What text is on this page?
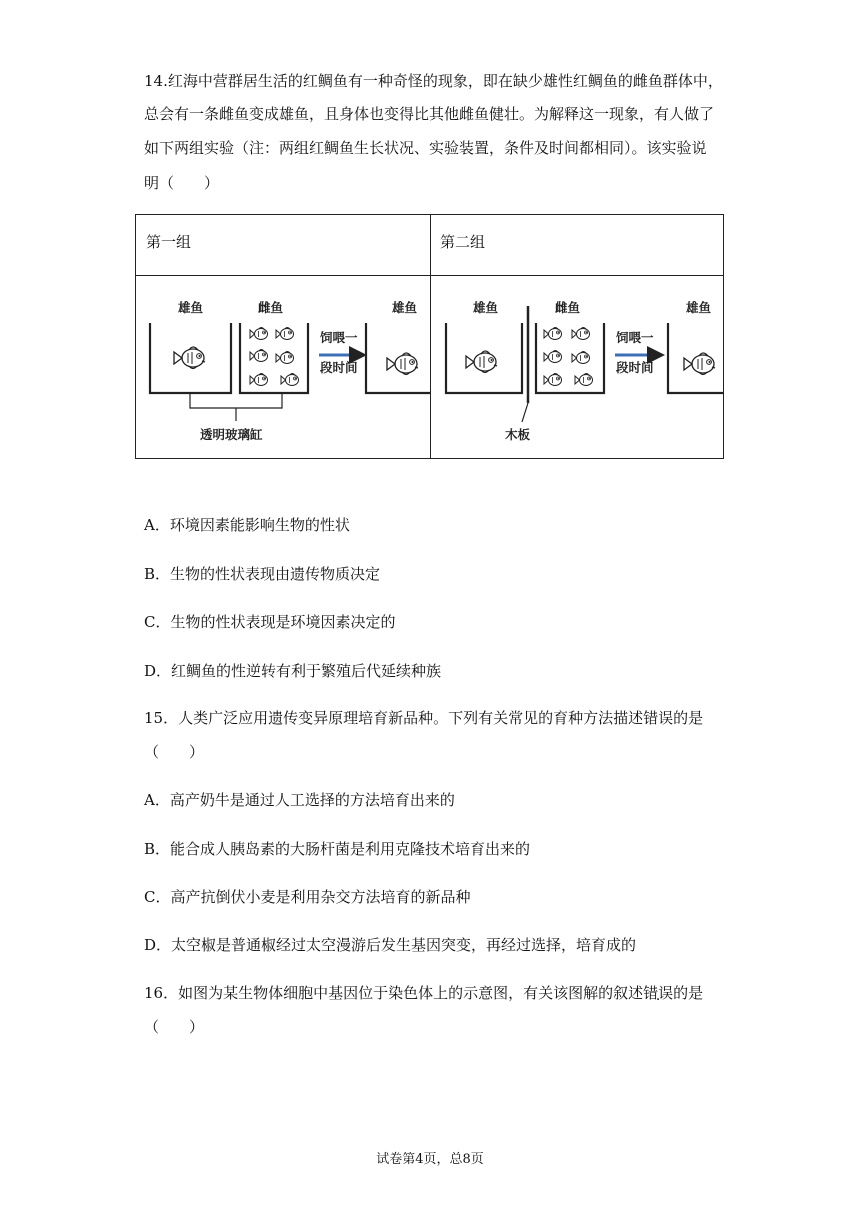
14.红海中营群居生活的红鲷鱼有一种奇怪的现象，即在缺少雄性红鲷鱼的雌鱼群体中，
总会有一条雌鱼变成雄鱼，且身体也变得比其他雌鱼健壮。为解释这一现象，有人做了
如下两组实验（注：两组红鲷鱼生长状况、实验装置，条件及时间都相同）。该实验说
明（　　）
第一组	第二组
雄鱼	雌鱼	雄鱼
饲喂一
段时间
透明玻璃缸
雄鱼	雌鱼	雄鱼
饲喂一
段时间
木板
A．环境因素能影响生物的性状
B．生物的性状表现由遗传物质决定
C．生物的性状表现是环境因素决定的
D．红鲷鱼的性逆转有利于繁殖后代延续种族
15．人类广泛应用遗传变异原理培育新品种。下列有关常见的育种方法描述错误的是
（　　）
A．高产奶牛是通过人工选择的方法培育出来的
B．能合成人胰岛素的大肠杆菌是利用克隆技术培育出来的
C．高产抗倒伏小麦是利用杂交方法培育的新品种
D．太空椒是普通椒经过太空漫游后发生基因突变，再经过选择，培育成的
16．如图为某生物体细胞中基因位于染色体上的示意图，有关该图解的叙述错误的是
（　　）
试卷第4页，总8页
